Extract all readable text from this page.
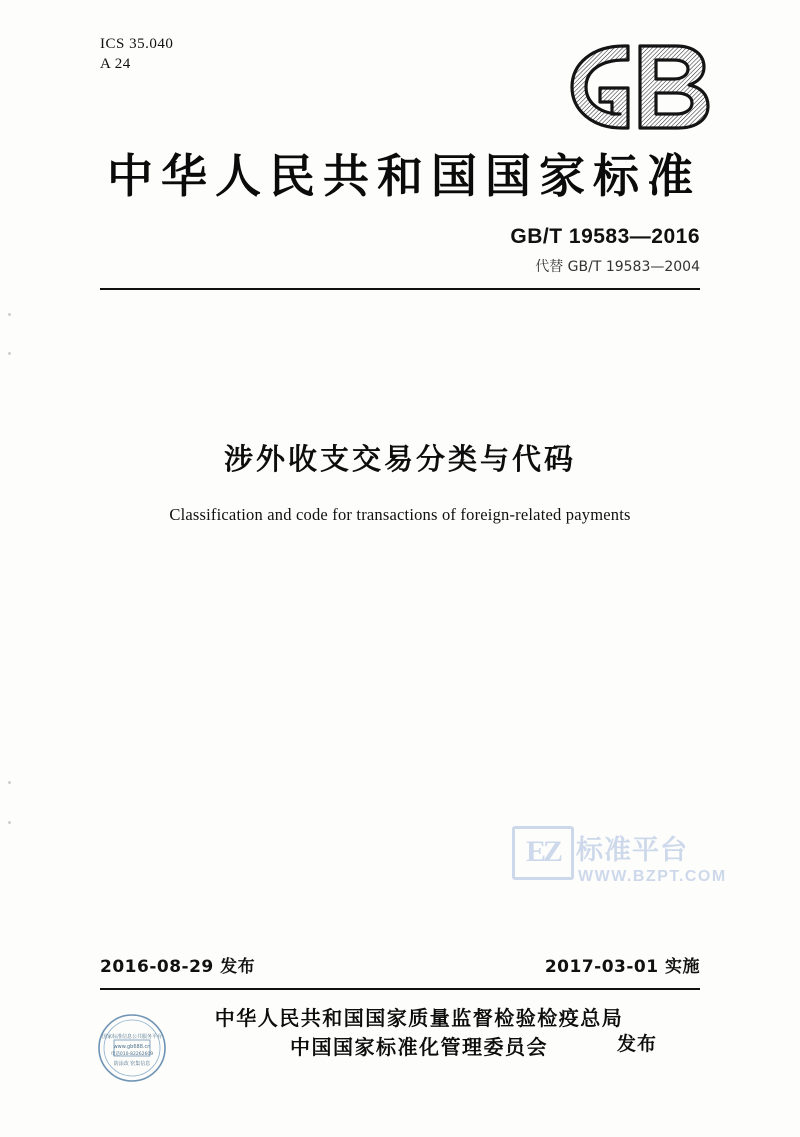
ICS 35.040
A 24
中华人民共和国国家标准
GB/T 19583—2016
代替 GB/T 19583—2004
涉外收支交易分类与代码
Classification and code for transactions of foreign-related payments
ΕZ 标准平台
WWW.BZPT.COM
2016-08-29 发布	2017-03-01 实施
国家标准信息公共服务平台
www.gb688.cn
电话010-82262609
防涂改 密集信息
中华人民共和国国家质量监督检验检疫总局
中国国家标准化管理委员会	发布
